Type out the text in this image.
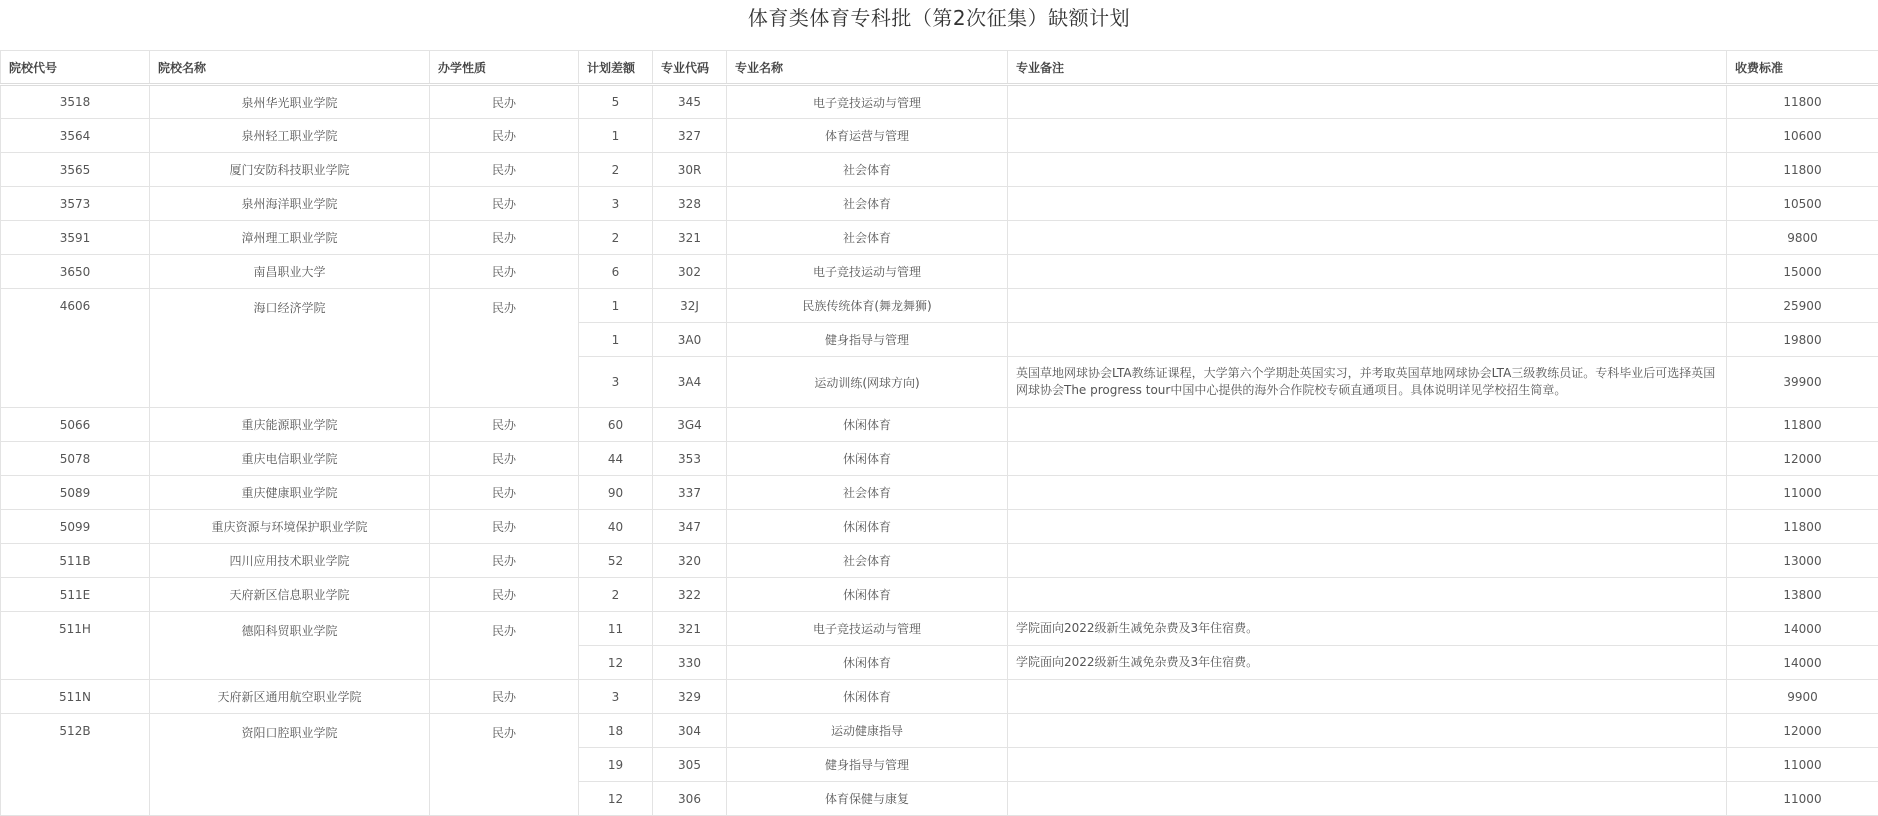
体育类体育专科批（第2次征集）缺额计划
院校代号	院校名称	办学性质	计划差额	专业代码	专业名称	专业备注	收费标准
3518	泉州华光职业学院	民办	5	345	电子竞技运动与管理		11800
3564	泉州轻工职业学院	民办	1	327	体育运营与管理		10600
3565	厦门安防科技职业学院	民办	2	30R	社会体育		11800
3573	泉州海洋职业学院	民办	3	328	社会体育		10500
3591	漳州理工职业学院	民办	2	321	社会体育		9800
3650	南昌职业大学	民办	6	302	电子竞技运动与管理		15000
4606	海口经济学院	民办	1	32J	民族传统体育(舞龙舞狮)		25900
			1	3A0	健身指导与管理		19800
			3	3A4	运动训练(网球方向)	英国草地网球协会LTA教练证课程，大学第六个学期赴英国实习，并考取英国草地网球协会LTA三级教练员证。专科毕业后可选择英国网球协会The progress tour中国中心提供的海外合作院校专硕直通项目。具体说明详见学校招生简章。	39900
5066	重庆能源职业学院	民办	60	3G4	休闲体育		11800
5078	重庆电信职业学院	民办	44	353	休闲体育		12000
5089	重庆健康职业学院	民办	90	337	社会体育		11000
5099	重庆资源与环境保护职业学院	民办	40	347	休闲体育		11800
511B	四川应用技术职业学院	民办	52	320	社会体育		13000
511E	天府新区信息职业学院	民办	2	322	休闲体育		13800
511H	德阳科贸职业学院	民办	11	321	电子竞技运动与管理	学院面向2022级新生减免杂费及3年住宿费。	14000
			12	330	休闲体育	学院面向2022级新生减免杂费及3年住宿费。	14000
511N	天府新区通用航空职业学院	民办	3	329	休闲体育		9900
512B	资阳口腔职业学院	民办	18	304	运动健康指导		12000
			19	305	健身指导与管理		11000
			12	306	体育保健与康复		11000
